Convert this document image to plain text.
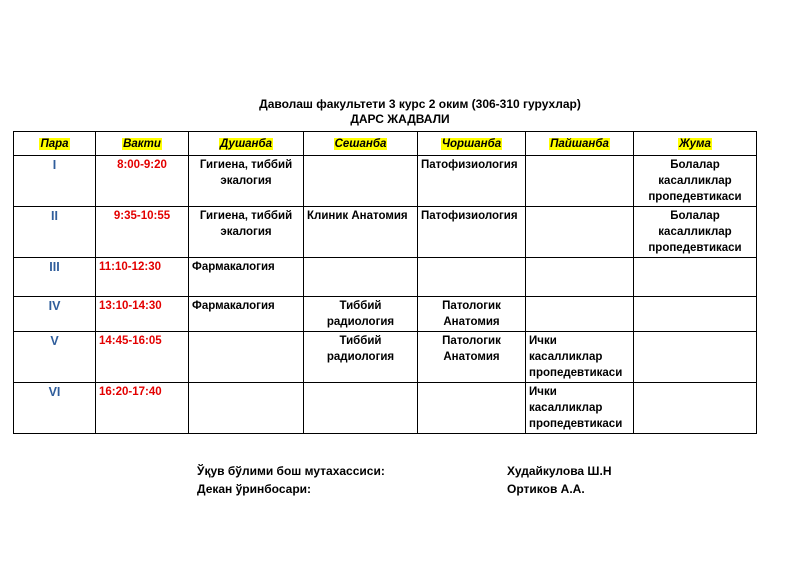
Даволаш факультети 3 курс 2 оким (306-310 гурухлар)
ДАРС ЖАДВАЛИ
Пара	Вакти	Душанба	Сешанба	Чоршанба	Пайшанба	Жума
I	8:00-9:20	Гигиена, тиббий экалогия		Патофизиология		Болалар касалликлар пропедевтикаси
II	9:35-10:55	Гигиена, тиббий экалогия	Клиник Анатомия	Патофизиология		Болалар касалликлар пропедевтикаси
III	11:10-12:30	Фармакалогия				
IV	13:10-14:30	Фармакалогия	Тиббий радиология	Патологик Анатомия		
V	14:45-16:05		Тиббий радиология	Патологик Анатомия	Ички касалликлар пропедевтикаси	
VI	16:20-17:40				Ички касалликлар пропедевтикаси	
Ўқув бўлими бош мутахассиси:	Худайкулова Ш.Н
Декан ўринбосари:	Ортиков А.А.
